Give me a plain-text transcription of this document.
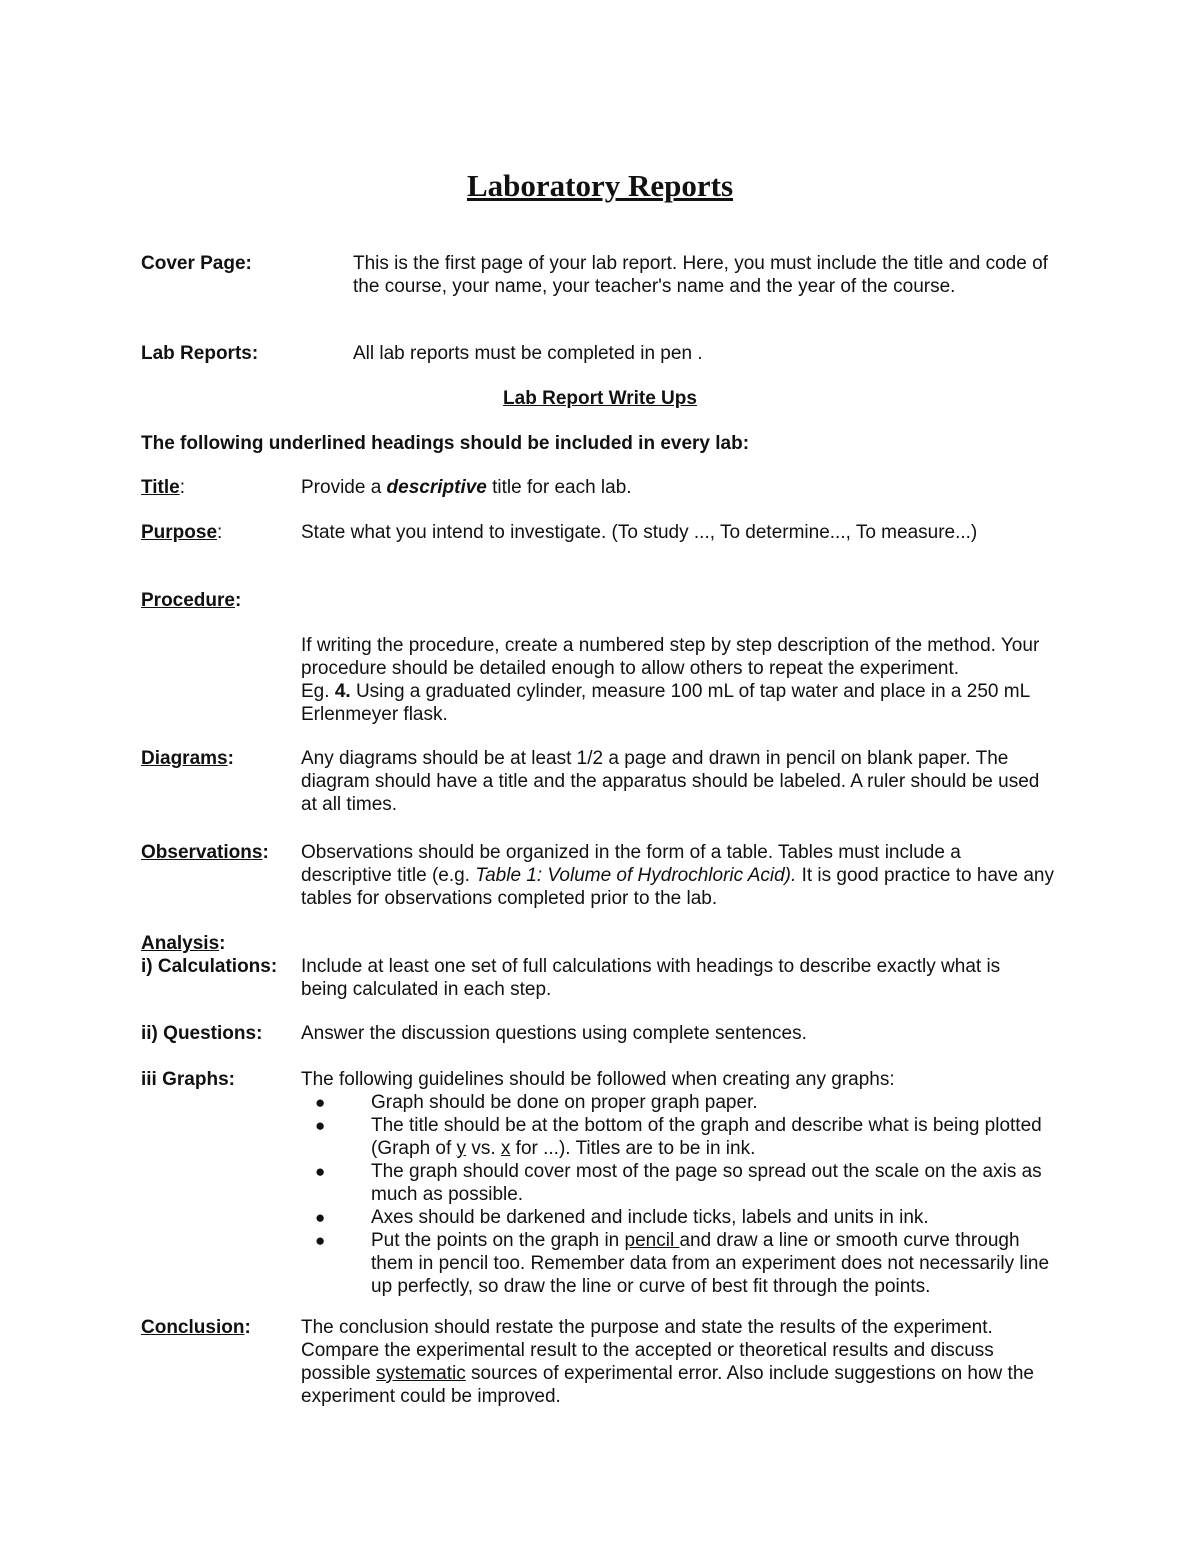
Laboratory Reports
Cover Page:	This is the first page of your lab report. Here, you must include the title and code of the course, your name, your teacher's name and the year of the course.
Lab Reports:	All lab reports must be completed in pen .
Lab Report Write Ups
The following underlined headings should be included in every lab:
Title:	Provide a descriptive title for each lab.
Purpose:	State what you intend to investigate. (To study ..., To determine..., To measure...)
Procedure:
If writing the procedure, create a numbered step by step description of the method. Your procedure should be detailed enough to allow others to repeat the experiment.
Eg. 4. Using a graduated cylinder, measure 100 mL of tap water and place in a 250 mL Erlenmeyer flask.
Diagrams:	Any diagrams should be at least 1/2 a page and drawn in pencil on blank paper. The diagram should have a title and the apparatus should be labeled. A ruler should be used at all times.
Observations: Observations should be organized in the form of a table. Tables must include a descriptive title (e.g. Table 1: Volume of Hydrochloric Acid). It is good practice to have any tables for observations completed prior to the lab.
Analysis:
i) Calculations: Include at least one set of full calculations with headings to describe exactly what is being calculated in each step.
ii) Questions: Answer the discussion questions using complete sentences.
iii Graphs:	The following guidelines should be followed when creating any graphs:
● Graph should be done on proper graph paper.
● The title should be at the bottom of the graph and describe what is being plotted (Graph of y vs. x for ...). Titles are to be in ink.
● The graph should cover most of the page so spread out the scale on the axis as much as possible.
● Axes should be darkened and include ticks, labels and units in ink.
● Put the points on the graph in pencil and draw a line or smooth curve through them in pencil too. Remember data from an experiment does not necessarily line up perfectly, so draw the line or curve of best fit through the points.
Conclusion:	The conclusion should restate the purpose and state the results of the experiment. Compare the experimental result to the accepted or theoretical results and discuss possible systematic sources of experimental error. Also include suggestions on how the experiment could be improved.
